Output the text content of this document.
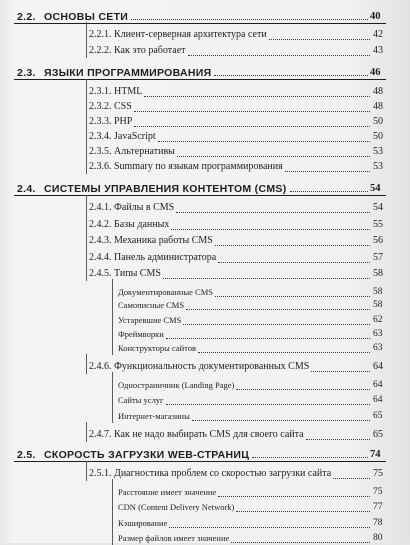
2.2. ОСНОВЫ СЕТИ	40
2.2.1. Клиент-серверная архитектура сети	42
2.2.2. Как это работает	43
2.3. ЯЗЫКИ ПРОГРАММИРОВАНИЯ	46
2.3.1. HTML	48
2.3.2. CSS	48
2.3.3. PHP	50
2.3.4. JavaScript	50
2.3.5. Альтернативы	53
2.3.6. Summary по языкам программирования	53
2.4. СИСТЕМЫ УПРАВЛЕНИЯ КОНТЕНТОМ (CMS)	54
2.4.1. Файлы в CMS	54
2.4.2. Базы данных	55
2.4.3. Механика работы CMS	56
2.4.4. Панель администратора	57
2.4.5. Типы CMS	58
Документированные CMS	58
Самописные CMS	58
Устаревшие CMS	62
Фреймворки	63
Конструкторы сайтов	63
2.4.6. Функциональность документированных CMS	64
Одностраничник (Landing Page)	64
Сайты услуг	64
Интернет-магазины	65
2.4.7. Как не надо выбирать CMS для своего сайта	65
2.5. СКОРОСТЬ ЗАГРУЗКИ WEB-СТРАНИЦ	74
2.5.1. Диагностика проблем со скоростью загрузки сайта	75
Расстояние имеет значение	75
CDN (Content Delivery Network)	77
Кэширование	78
Размер файлов имеет значение	80
